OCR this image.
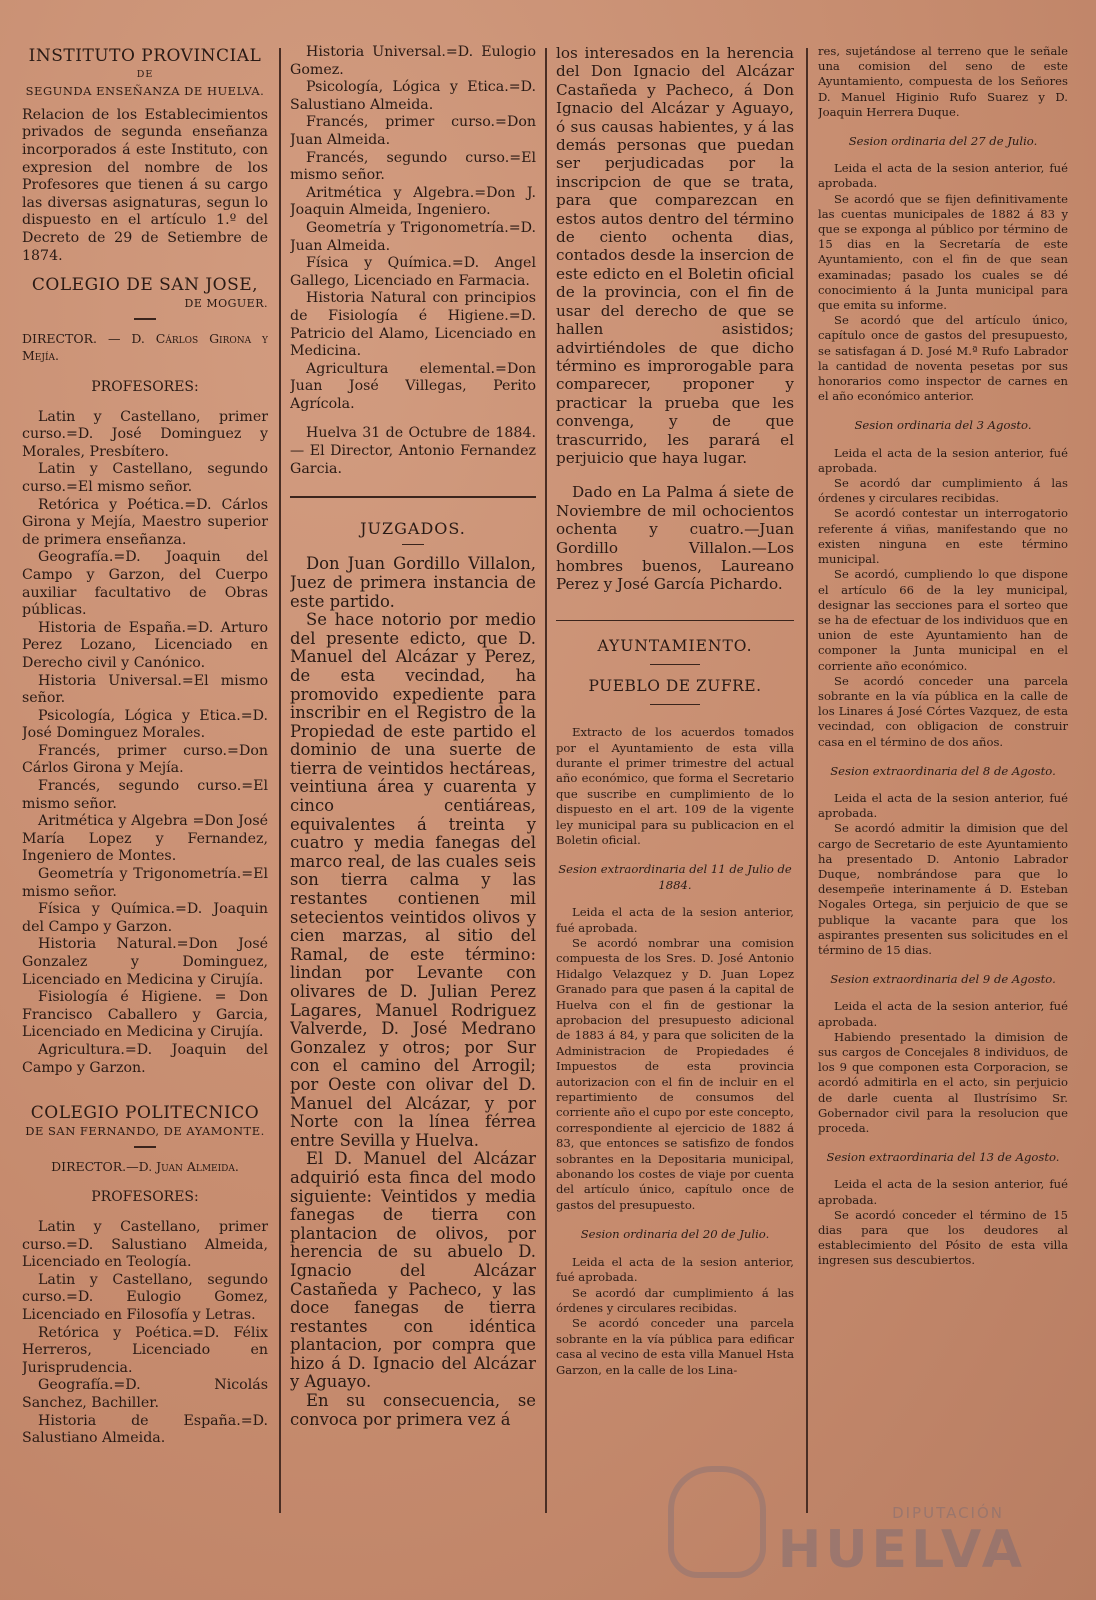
INSTITUTO PROVINCIAL

DE

SEGUNDA ENSEÑANZA DE HUELVA.

Relacion de los Establecimientos privados de segunda enseñanza incorporados á este Instituto, con expresion del nombre de los Profesores que tienen á su cargo las diversas asignaturas, segun lo dispuesto en el artículo 1.º del Decreto de 29 de Setiembre de 1874.

COLEGIO DE SAN JOSE,

DE MOGUER.

DIRECTOR. — D. Cárlos Girona y Mejía.

PROFESORES:

Latin y Castellano, primer curso.=D. José Dominguez y Morales, Presbítero.

Latin y Castellano, segundo curso.=El mismo señor.

Retórica y Poética.=D. Cárlos Girona y Mejía, Maestro superior de primera enseñanza.

Geografía.=D. Joaquin del Campo y Garzon, del Cuerpo auxiliar facultativo de Obras públicas.

Historia de España.=D. Arturo Perez Lozano, Licenciado en Derecho civil y Canónico.

Historia Universal.=El mismo señor.

Psicología, Lógica y Etica.=D. José Dominguez Morales.

Francés, primer curso.=Don Cárlos Girona y Mejía.

Francés, segundo curso.=El mismo señor.

Aritmética y Algebra =Don José María Lopez y Fernandez, Ingeniero de Montes.

Geometría y Trigonometría.=El mismo señor.

Física y Química.=D. Joaquin del Campo y Garzon.

Historia Natural.=Don José Gonzalez y Dominguez, Licenciado en Medicina y Cirujía.

Fisiología é Higiene. = Don Francisco Caballero y Garcia, Licenciado en Medicina y Cirujía.

Agricultura.=D. Joaquin del Campo y Garzon.

COLEGIO POLITECNICO

DE SAN FERNANDO, DE AYAMONTE.

DIRECTOR.—D. Juan Almeida.

PROFESORES:

Latin y Castellano, primer curso.=D. Salustiano Almeida, Licenciado en Teología.

Latin y Castellano, segundo curso.=D. Eulogio Gomez, Licenciado en Filosofía y Letras.

Retórica y Poética.=D. Félix Herreros, Licenciado en Jurisprudencia.

Geografía.=D. Nicolás Sanchez, Bachiller.

Historia de España.=D. Salustiano Almeida.

Historia Universal.=D. Eulogio Gomez.

Psicología, Lógica y Etica.=D. Salustiano Almeida.

Francés, primer curso.=Don Juan Almeida.

Francés, segundo curso.=El mismo señor.

Aritmética y Algebra.=Don J. Joaquin Almeida, Ingeniero.

Geometría y Trigonometría.=D. Juan Almeida.

Física y Química.=D. Angel Gallego, Licenciado en Farmacia.

Historia Natural con principios de Fisiología é Higiene.=D. Patricio del Alamo, Licenciado en Medicina.

Agricultura elemental.=Don Juan José Villegas, Perito Agrícola.

Huelva 31 de Octubre de 1884. — El Director, Antonio Fernandez Garcia.

JUZGADOS.

Don Juan Gordillo Villalon, Juez de primera instancia de este partido.

Se hace notorio por medio del presente edicto, que D. Manuel del Alcázar y Perez, de esta vecindad, ha promovido expediente para inscribir en el Registro de la Propiedad de este partido el dominio de una suerte de tierra de veintidos hectáreas, veintiuna área y cuarenta y cinco centiáreas, equivalentes á treinta y cuatro y media fanegas del marco real, de las cuales seis son tierra calma y las restantes contienen mil setecientos veintidos olivos y cien marzas, al sitio del Ramal, de este término: lindan por Levante con olivares de D. Julian Perez Lagares, Manuel Rodriguez Valverde, D. José Medrano Gonzalez y otros; por Sur con el camino del Arrogil; por Oeste con olivar del D. Manuel del Alcázar, y por Norte con la línea férrea entre Sevilla y Huelva.

El D. Manuel del Alcázar adquirió esta finca del modo siguiente: Veintidos y media fanegas de tierra con plantacion de olivos, por herencia de su abuelo D. Ignacio del Alcázar Castañeda y Pacheco, y las doce fanegas de tierra restantes con idéntica plantacion, por compra que hizo á D. Ignacio del Alcázar y Aguayo.

En su consecuencia, se convoca por primera vez á

los interesados en la herencia del Don Ignacio del Alcázar Castañeda y Pacheco, á Don Ignacio del Alcázar y Aguayo, ó sus causas habientes, y á las demás personas que puedan ser perjudicadas por la inscripcion de que se trata, para que comparezcan en estos autos dentro del término de ciento ochenta dias, contados desde la insercion de este edicto en el Boletin oficial de la provincia, con el fin de usar del derecho de que se hallen asistidos; advirtiéndoles de que dicho término es improrogable para comparecer, proponer y practicar la prueba que les convenga, y de que trascurrido, les parará el perjuicio que haya lugar.

Dado en La Palma á siete de Noviembre de mil ochocientos ochenta y cuatro.—Juan Gordillo Villalon.—Los hombres buenos, Laureano Perez y José García Pichardo.

AYUNTAMIENTO.

PUEBLO DE ZUFRE.

Extracto de los acuerdos tomados por el Ayuntamiento de esta villa durante el primer trimestre del actual año económico, que forma el Secretario que suscribe en cumplimiento de lo dispuesto en el art. 109 de la vigente ley municipal para su publicacion en el Boletin oficial.

Sesion extraordinaria del 11 de Julio de 1884.

Leida el acta de la sesion anterior, fué aprobada.

Se acordó nombrar una comision compuesta de los Sres. D. José Antonio Hidalgo Velazquez y D. Juan Lopez Granado para que pasen á la capital de Huelva con el fin de gestionar la aprobacion del presupuesto adicional de 1883 á 84, y para que soliciten de la Administracion de Propiedades é Impuestos de esta provincia autorizacion con el fin de incluir en el repartimiento de consumos del corriente año el cupo por este concepto, correspondiente al ejercicio de 1882 á 83, que entonces se satisfizo de fondos sobrantes en la Depositaria municipal, abonando los costes de viaje por cuenta del artículo único, capítulo once de gastos del presupuesto.

Sesion ordinaria del 20 de Julio.

Leida el acta de la sesion anterior, fué aprobada.

Se acordó dar cumplimiento á las órdenes y circulares recibidas.

Se acordó conceder una parcela sobrante en la vía pública para edificar casa al vecino de esta villa Manuel Hsta Garzon, en la calle de los Lina-

res, sujetándose al terreno que le señale una comision del seno de este Ayuntamiento, compuesta de los Señores D. Manuel Higinio Rufo Suarez y D. Joaquin Herrera Duque.

Sesion ordinaria del 27 de Julio.

Leida el acta de la sesion anterior, fué aprobada.

Se acordó que se fijen definitivamente las cuentas municipales de 1882 á 83 y que se exponga al público por término de 15 dias en la Secretaría de este Ayuntamiento, con el fin de que sean examinadas; pasado los cuales se dé conocimiento á la Junta municipal para que emita su informe.

Se acordó que del artículo único, capítulo once de gastos del presupuesto, se satisfagan á D. José M.ª Rufo Labrador la cantidad de noventa pesetas por sus honorarios como inspector de carnes en el año económico anterior.

Sesion ordinaria del 3 Agosto.

Leida el acta de la sesion anterior, fué aprobada.

Se acordó dar cumplimiento á las órdenes y circulares recibidas.

Se acordó contestar un interrogatorio referente á viñas, manifestando que no existen ninguna en este término municipal.

Se acordó, cumpliendo lo que dispone el artículo 66 de la ley municipal, designar las secciones para el sorteo que se ha de efectuar de los individuos que en union de este Ayuntamiento han de componer la Junta municipal en el corriente año económico.

Se acordó conceder una parcela sobrante en la vía pública en la calle de los Linares á José Córtes Vazquez, de esta vecindad, con obligacion de construir casa en el término de dos años.

Sesion extraordinaria del 8 de Agosto.

Leida el acta de la sesion anterior, fué aprobada.

Se acordó admitir la dimision que del cargo de Secretario de este Ayuntamiento ha presentado D. Antonio Labrador Duque, nombrándose para que lo desempeñe interinamente á D. Esteban Nogales Ortega, sin perjuicio de que se publique la vacante para que los aspirantes presenten sus solicitudes en el término de 15 dias.

Sesion extraordinaria del 9 de Agosto.

Leida el acta de la sesion anterior, fué aprobada.

Habiendo presentado la dimision de sus cargos de Concejales 8 individuos, de los 9 que componen esta Corporacion, se acordó admitirla en el acto, sin perjuicio de darle cuenta al Ilustrísimo Sr. Gobernador civil para la resolucion que proceda.

Sesion extraordinaria del 13 de Agosto.

Leida el acta de la sesion anterior, fué aprobada.

Se acordó conceder el término de 15 dias para que los deudores al establecimiento del Pósito de esta villa ingresen sus descubiertos.

DIPUTACIÓN
HUELVA
